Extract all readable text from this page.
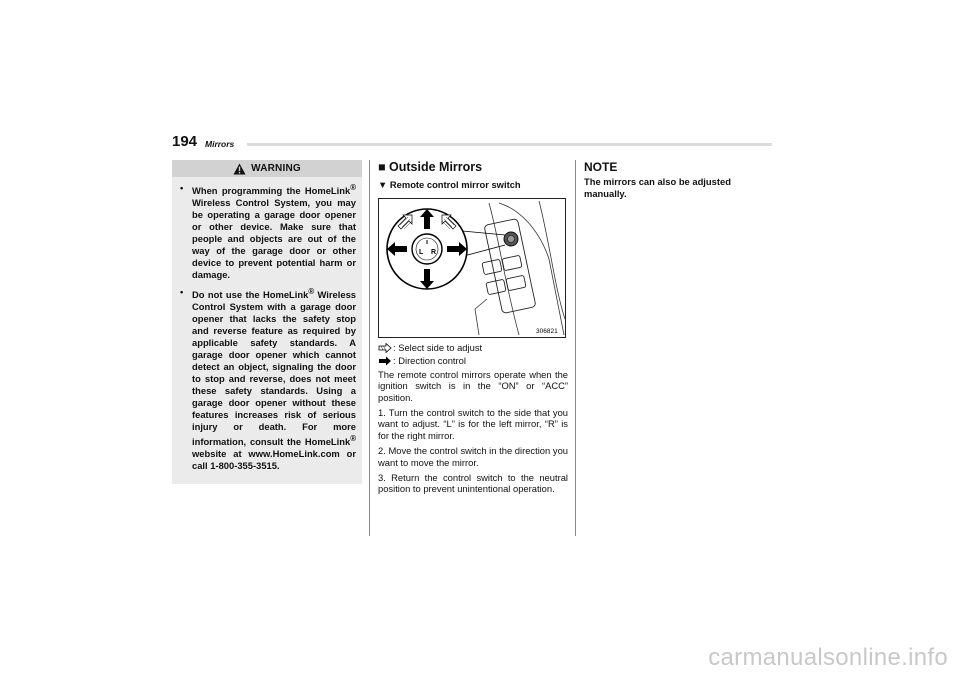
194 Mirrors
WARNING
• When programming the HomeLink® Wireless Control System, you may be operating a garage door opener or other device. Make sure that people and objects are out of the way of the garage door or other device to prevent potential harm or damage.
• Do not use the HomeLink® Wireless Control System with a garage door opener that lacks the safety stop and reverse feature as required by applicable safety standards. A garage door opener which cannot detect an object, signaling the door to stop and reverse, does not meet these safety standards. Using a garage door opener without these features increases risk of serious injury or death. For more information, consult the HomeLink® website at www.HomeLink.com or call 1-800-355-3515.
■ Outside Mirrors
▼ Remote control mirror switch
L R
306821
: Select side to adjust
: Direction control

The remote control mirrors operate when the ignition switch is in the “ON” or “ACC” position.

1. Turn the control switch to the side that you want to adjust. “L” is for the left mirror, “R” is for the right mirror.

2. Move the control switch in the direction you want to move the mirror.

3. Return the control switch to the neutral position to prevent unintentional operation.

NOTE
The mirrors can also be adjusted manually.
carmanualsonline.info
